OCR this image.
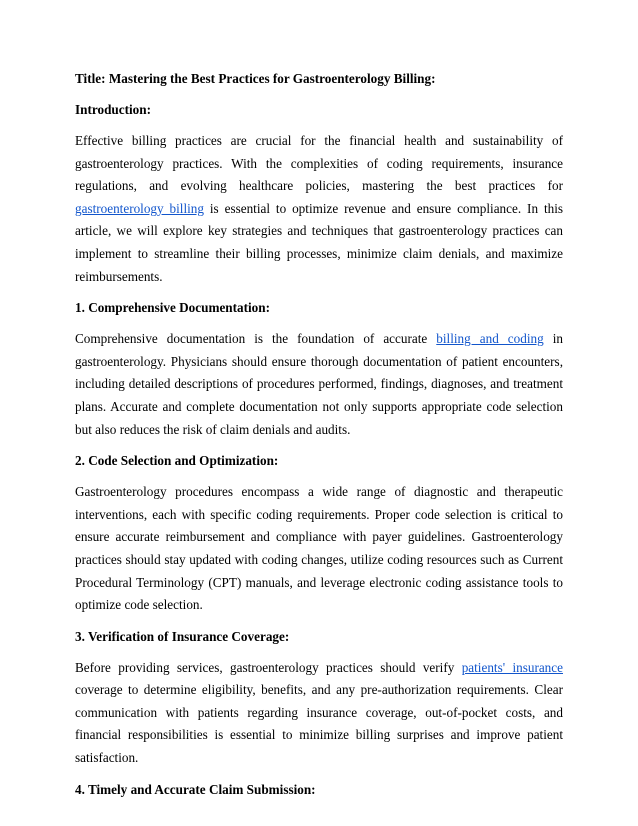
Title: Mastering the Best Practices for Gastroenterology Billing:
Introduction:

Effective billing practices are crucial for the financial health and sustainability of gastroenterology practices. With the complexities of coding requirements, insurance regulations, and evolving healthcare policies, mastering the best practices for gastroenterology billing is essential to optimize revenue and ensure compliance. In this article, we will explore key strategies and techniques that gastroenterology practices can implement to streamline their billing processes, minimize claim denials, and maximize reimbursements.

1. Comprehensive Documentation:

Comprehensive documentation is the foundation of accurate billing and coding in gastroenterology. Physicians should ensure thorough documentation of patient encounters, including detailed descriptions of procedures performed, findings, diagnoses, and treatment plans. Accurate and complete documentation not only supports appropriate code selection but also reduces the risk of claim denials and audits.

2. Code Selection and Optimization:

Gastroenterology procedures encompass a wide range of diagnostic and therapeutic interventions, each with specific coding requirements. Proper code selection is critical to ensure accurate reimbursement and compliance with payer guidelines. Gastroenterology practices should stay updated with coding changes, utilize coding resources such as Current Procedural Terminology (CPT) manuals, and leverage electronic coding assistance tools to optimize code selection.

3. Verification of Insurance Coverage:

Before providing services, gastroenterology practices should verify patients' insurance coverage to determine eligibility, benefits, and any pre-authorization requirements. Clear communication with patients regarding insurance coverage, out-of-pocket costs, and financial responsibilities is essential to minimize billing surprises and improve patient satisfaction.

4. Timely and Accurate Claim Submission:
